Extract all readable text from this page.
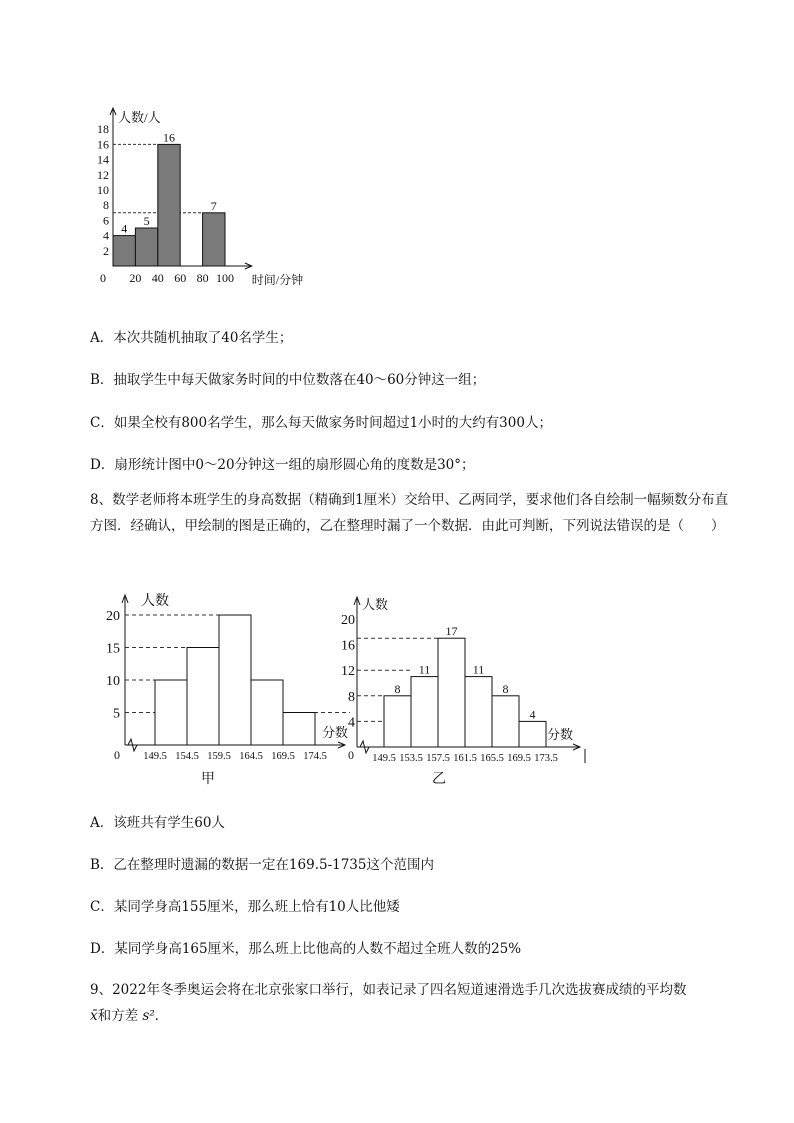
人数/人
时间/分钟
2
4
6
8
10
12
14
16
18
0 20 40 60 80 100
4
5
16
7
A．本次共随机抽取了40名学生；
B．抽取学生中每天做家务时间的中位数落在40～60分钟这一组；
C．如果全校有800名学生，那么每天做家务时间超过1小时的大约有300人；
D．扇形统计图中0～20分钟这一组的扇形圆心角的度数是30°；
8、数学老师将本班学生的身高数据（精确到1厘米）交给甲、乙两同学，要求他们各自绘制一幅频数分布直方图．经确认，甲绘制的图是正确的，乙在整理时漏了一个数据．由此可判断，下列说法错误的是（　　）
人数
分数
0
5
10
15
20
149.5 154.5 159.5 164.5 169.5 174.5
甲
人数
分数
0
4
8
12
16
20
149.5 153.5 157.5 161.5 165.5 169.5 173.5
8
11
17
11
8
4
乙
A．该班共有学生60人
B．乙在整理时遗漏的数据一定在169.5-1735这个范围内
C．某同学身高155厘米，那么班上恰有10人比他矮
D．某同学身高165厘米，那么班上比他高的人数不超过全班人数的25%
9、2022年冬季奥运会将在北京张家口举行，如表记录了四名短道速滑选手几次选拔赛成绩的平均数
x̄和方差 s²．
